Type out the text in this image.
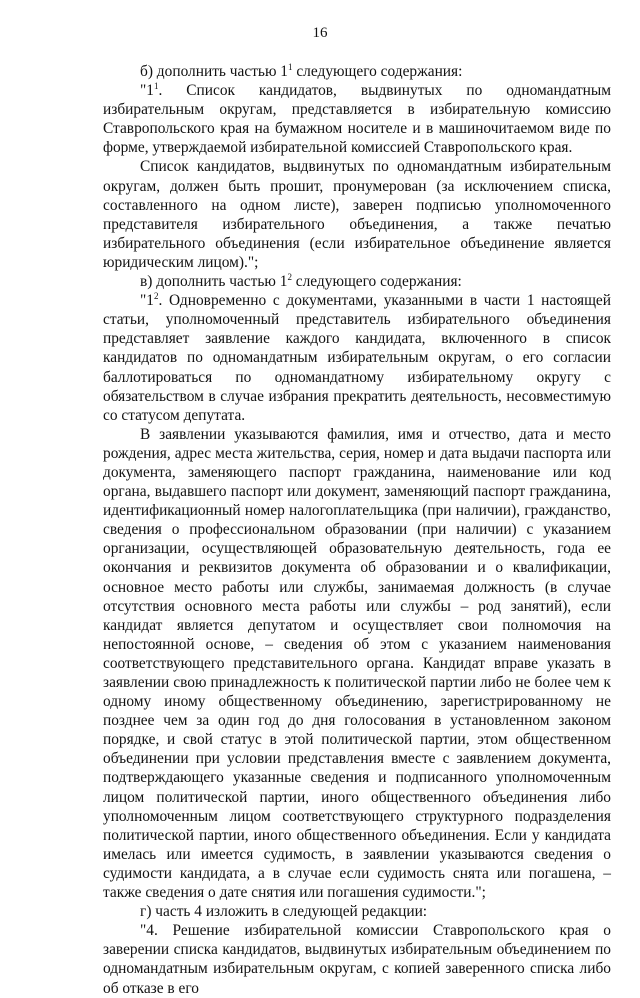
16

б) дополнить частью $1^1$ следующего содержания:

"$1^1$. Список кандидатов, выдвинутых по одномандатным избирательным округам, представляется в избирательную комиссию Ставропольского края на бумажном носителе и в машиночитаемом виде по форме, утверждаемой избирательной комиссией Ставропольского края.

Список кандидатов, выдвинутых по одномандатным избирательным округам, должен быть прошит, пронумерован (за исключением списка, составленного на одном листе), заверен подписью уполномоченного представителя избирательного объединения, а также печатью избирательного объединения (если избирательное объединение является юридическим лицом).";

в) дополнить частью $1^2$ следующего содержания:

"$1^2$. Одновременно с документами, указанными в части 1 настоящей статьи, уполномоченный представитель избирательного объединения представляет заявление каждого кандидата, включенного в список кандидатов по одномандатным избирательным округам, о его согласии баллотироваться по одномандатному избирательному округу с обязательством в случае избрания прекратить деятельность, несовместимую со статусом депутата.

В заявлении указываются фамилия, имя и отчество, дата и место рождения, адрес места жительства, серия, номер и дата выдачи паспорта или документа, заменяющего паспорт гражданина, наименование или код органа, выдавшего паспорт или документ, заменяющий паспорт гражданина, идентификационный номер налогоплательщика (при наличии), гражданство, сведения о профессиональном образовании (при наличии) с указанием организации, осуществляющей образовательную деятельность, года ее окончания и реквизитов документа об образовании и о квалификации, основное место работы или службы, занимаемая должность (в случае отсутствия основного места работы или службы – род занятий), если кандидат является депутатом и осуществляет свои полномочия на непостоянной основе, – сведения об этом с указанием наименования соответствующего представительного органа. Кандидат вправе указать в заявлении свою принадлежность к политической партии либо не более чем к одному иному общественному объединению, зарегистрированному не позднее чем за один год до дня голосования в установленном законом порядке, и свой статус в этой политической партии, этом общественном объединении при условии представления вместе с заявлением документа, подтверждающего указанные сведения и подписанного уполномоченным лицом политической партии, иного общественного объединения либо уполномоченным лицом соответствующего структурного подразделения политической партии, иного общественного объединения. Если у кандидата имелась или имеется судимость, в заявлении указываются сведения о судимости кандидата, а в случае если судимость снята или погашена, – также сведения о дате снятия или погашения судимости.";

г) часть 4 изложить в следующей редакции:

"4. Решение избирательной комиссии Ставропольского края о заверении списка кандидатов, выдвинутых избирательным объединением по одномандатным избирательным округам, с копией заверенного списка либо об отказе в его
